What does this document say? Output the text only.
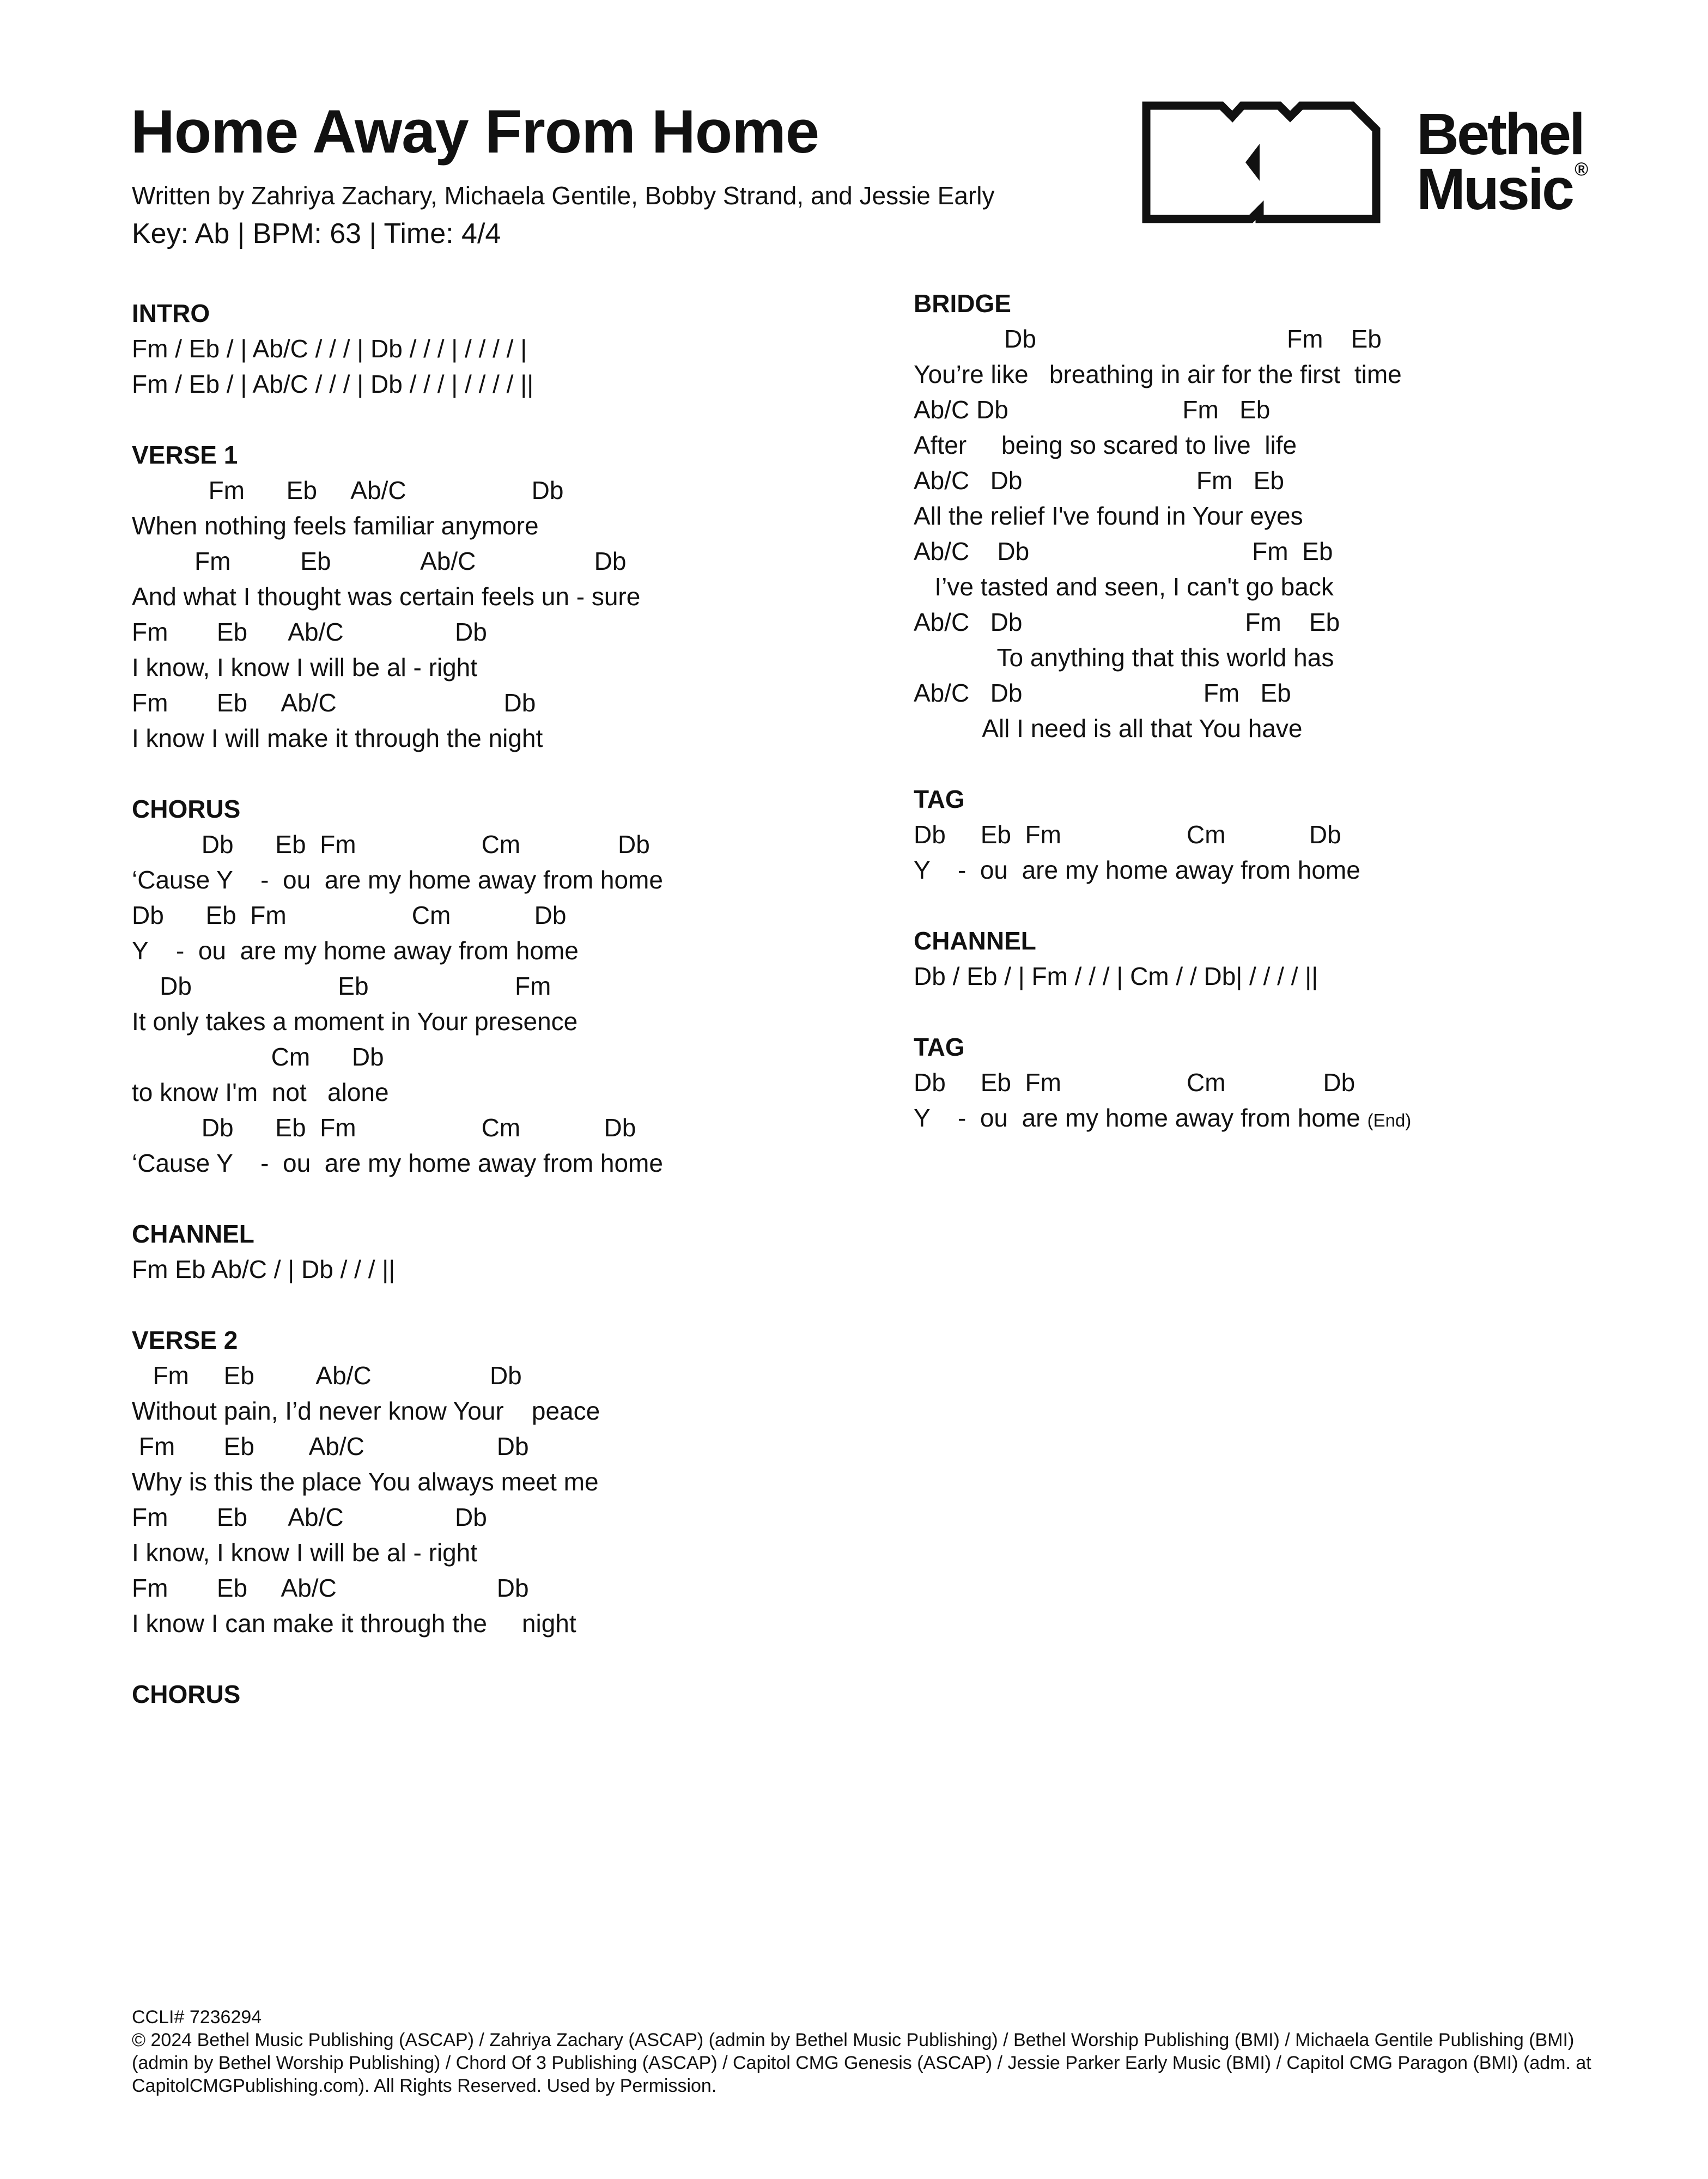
Home Away From Home
Written by Zahriya Zachary, Michaela Gentile, Bobby Strand, and Jessie Early
Key: Ab | BPM: 63 | Time: 4/4
Bethel
Music ®
INTRO
Fm / Eb / | Ab/C / / / | Db / / / | / / / / |
Fm / Eb / | Ab/C / / / | Db / / / | / / / / ||
VERSE 1
Fm      Eb     Ab/C                  Db
When nothing feels familiar anymore
Fm          Eb             Ab/C                 Db
And what I thought was certain feels un - sure
Fm       Eb      Ab/C                Db
I know, I know I will be al - right
Fm       Eb     Ab/C                        Db
I know I will make it through the night
CHORUS
Db      Eb  Fm                  Cm              Db
‘Cause Y    -  ou  are my home away from home
Db      Eb  Fm                  Cm            Db
Y    -  ou  are my home away from home
Db                     Eb                     Fm
It only takes a moment in Your presence
Cm      Db
to know I'm  not   alone
Db      Eb  Fm                  Cm            Db
‘Cause Y    -  ou  are my home away from home
CHANNEL
Fm Eb Ab/C / | Db / / / ||
VERSE 2
Fm     Eb         Ab/C                 Db
Without pain, I’d never know Your    peace
Fm       Eb        Ab/C                   Db
Why is this the place You always meet me
Fm       Eb      Ab/C                Db
I know, I know I will be al - right
Fm       Eb     Ab/C                       Db
I know I can make it through the     night
CHORUS
BRIDGE
Db                                    Fm    Eb
You’re like   breathing in air for the first  time
Ab/C Db                         Fm   Eb
After     being so scared to live  life
Ab/C   Db                         Fm   Eb
All the relief I've found in Your eyes
Ab/C    Db                                Fm  Eb
I’ve tasted and seen, I can't go back
Ab/C   Db                                Fm    Eb
To anything that this world has
Ab/C   Db                          Fm   Eb
All I need is all that You have
TAG
Db     Eb  Fm                  Cm            Db
Y    -  ou  are my home away from home
CHANNEL
Db / Eb / | Fm / / / | Cm / / Db| / / / / ||
TAG
Db     Eb  Fm                  Cm              Db
Y    -  ou  are my home away from home (End)
CCLI# 7236294
© 2024 Bethel Music Publishing (ASCAP) / Zahriya Zachary (ASCAP) (admin by Bethel Music Publishing) / Bethel Worship Publishing (BMI) / Michaela Gentile Publishing (BMI) (admin by Bethel Worship Publishing) / Chord Of 3 Publishing (ASCAP) / Capitol CMG Genesis (ASCAP) / Jessie Parker Early Music (BMI) / Capitol CMG Paragon (BMI) (adm. at CapitolCMGPublishing.com). All Rights Reserved. Used by Permission.
